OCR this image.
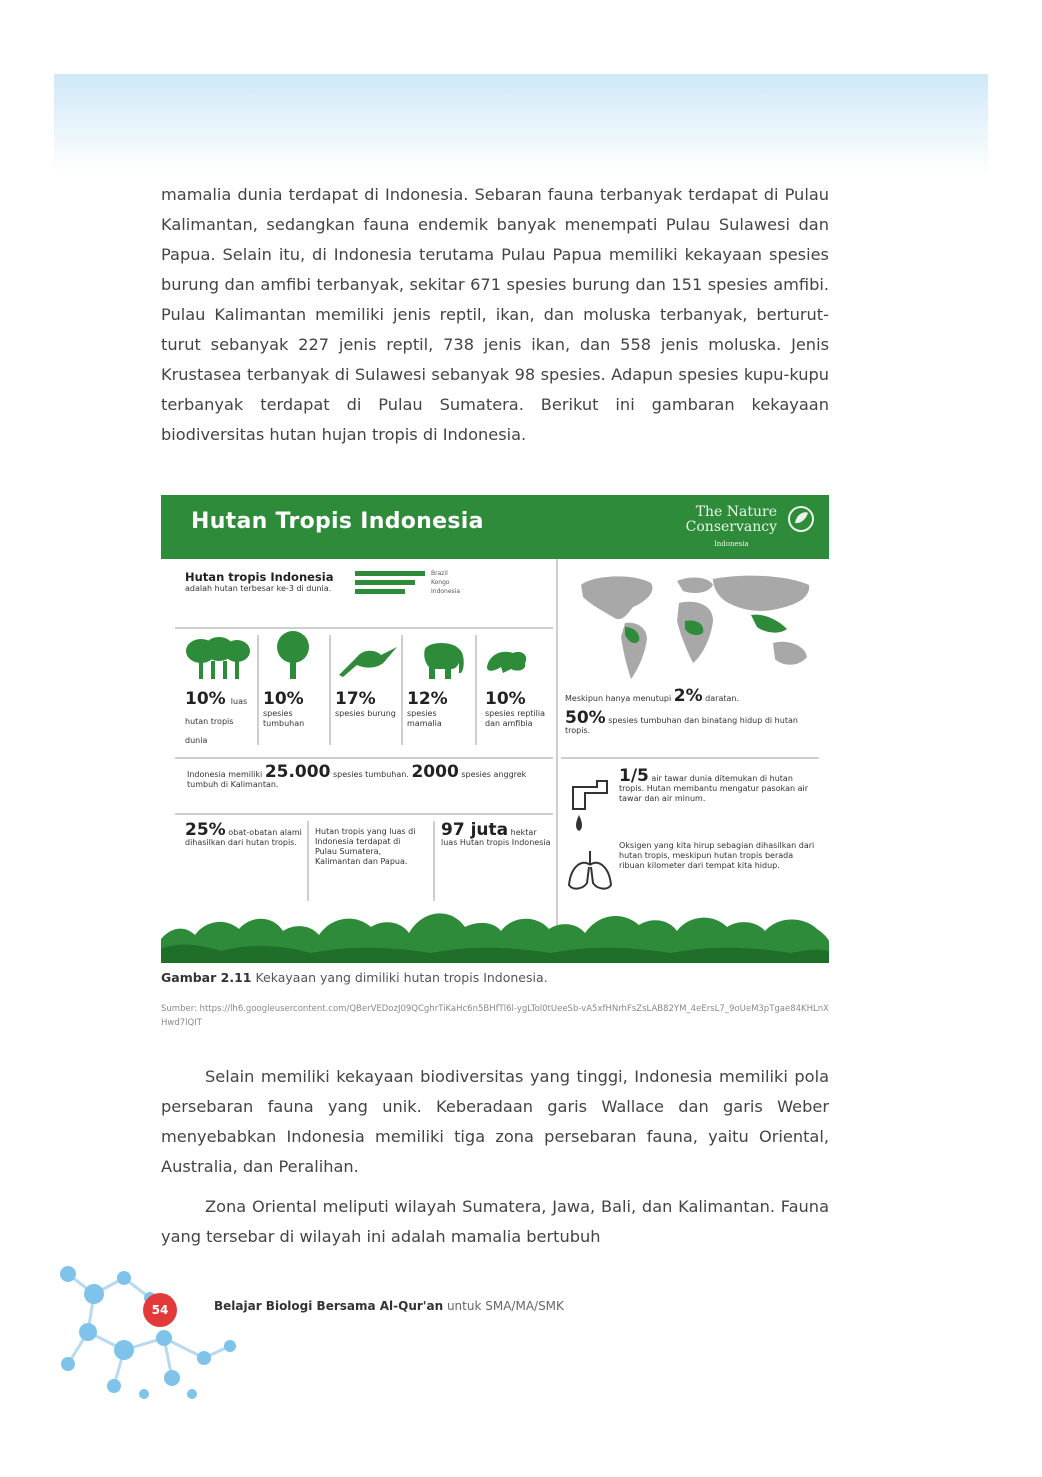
mamalia dunia terdapat di Indonesia. Sebaran fauna terbanyak terdapat di Pulau Kalimantan, sedangkan fauna endemik banyak menempati Pulau Sulawesi dan Papua. Selain itu, di Indonesia terutama Pulau Papua memiliki kekayaan spesies burung dan amfibi terbanyak, sekitar 671 spesies burung dan 151 spesies amfibi. Pulau Kalimantan memiliki jenis reptil, ikan, dan moluska terbanyak, berturut-turut sebanyak 227 jenis reptil, 738 jenis ikan, dan 558 jenis moluska. Jenis Krustasea terbanyak di Sulawesi sebanyak 98 spesies. Adapun spesies kupu-kupu terbanyak terdapat di Pulau Sumatera. Berikut ini gambaran kekayaan biodiversitas hutan hujan tropis di Indonesia.

Hutan Tropis Indonesia	The Nature
Conservancy
Indonesia
Hutan tropis Indonesia adalah hutan terbesar ke-3 di dunia.
Brazil
Kongo
Indonesia
10% luas hutan tropis dunia
10%
spesies tumbuhan
17%
spesies burung
12%
spesies mamalia
10%
spesies reptilia dan amfibia
Indonesia memiliki 25.000 spesies tumbuhan. 2000 spesies anggrek tumbuh di Kalimantan.
25% obat-obatan alami dihasilkan dari hutan tropis.
Hutan tropis yang luas di Indonesia terdapat di Pulau Sumatera, Kalimantan dan Papua.
97 juta hektar luas Hutan tropis Indonesia
Meskipun hanya menutupi 2% daratan.
50% spesies tumbuhan dan binatang hidup di hutan tropis.
1/5 air tawar dunia ditemukan di hutan tropis. Hutan membantu mengatur pasokan air tawar dan air minum.
Oksigen yang kita hirup sebagian dihasilkan dari hutan tropis, meskipun hutan tropis berada ribuan kilometer dari tempat kita hidup.
Gambar 2.11 Kekayaan yang dimiliki hutan tropis Indonesia.
Sumber: https://lh6.googleusercontent.com/QBerVEDozJ09QCghrTiKaHc6n5BHfTl6l-ygLTol0tUeeSb-vA5xfHNrhFsZsLAB82YM_4eErsL7_9oUeM3pTgae84KHLnXHwd7lQIT

Selain memiliki kekayaan biodiversitas yang tinggi, Indonesia memiliki pola persebaran fauna yang unik. Keberadaan garis Wallace dan garis Weber menyebabkan Indonesia memiliki tiga zona persebaran fauna, yaitu Oriental, Australia, dan Peralihan.

Zona Oriental meliputi wilayah Sumatera, Jawa, Bali, dan Kalimantan. Fauna yang tersebar di wilayah ini adalah mamalia bertubuh

54	Belajar Biologi Bersama Al-Qur'an untuk SMA/MA/SMK
